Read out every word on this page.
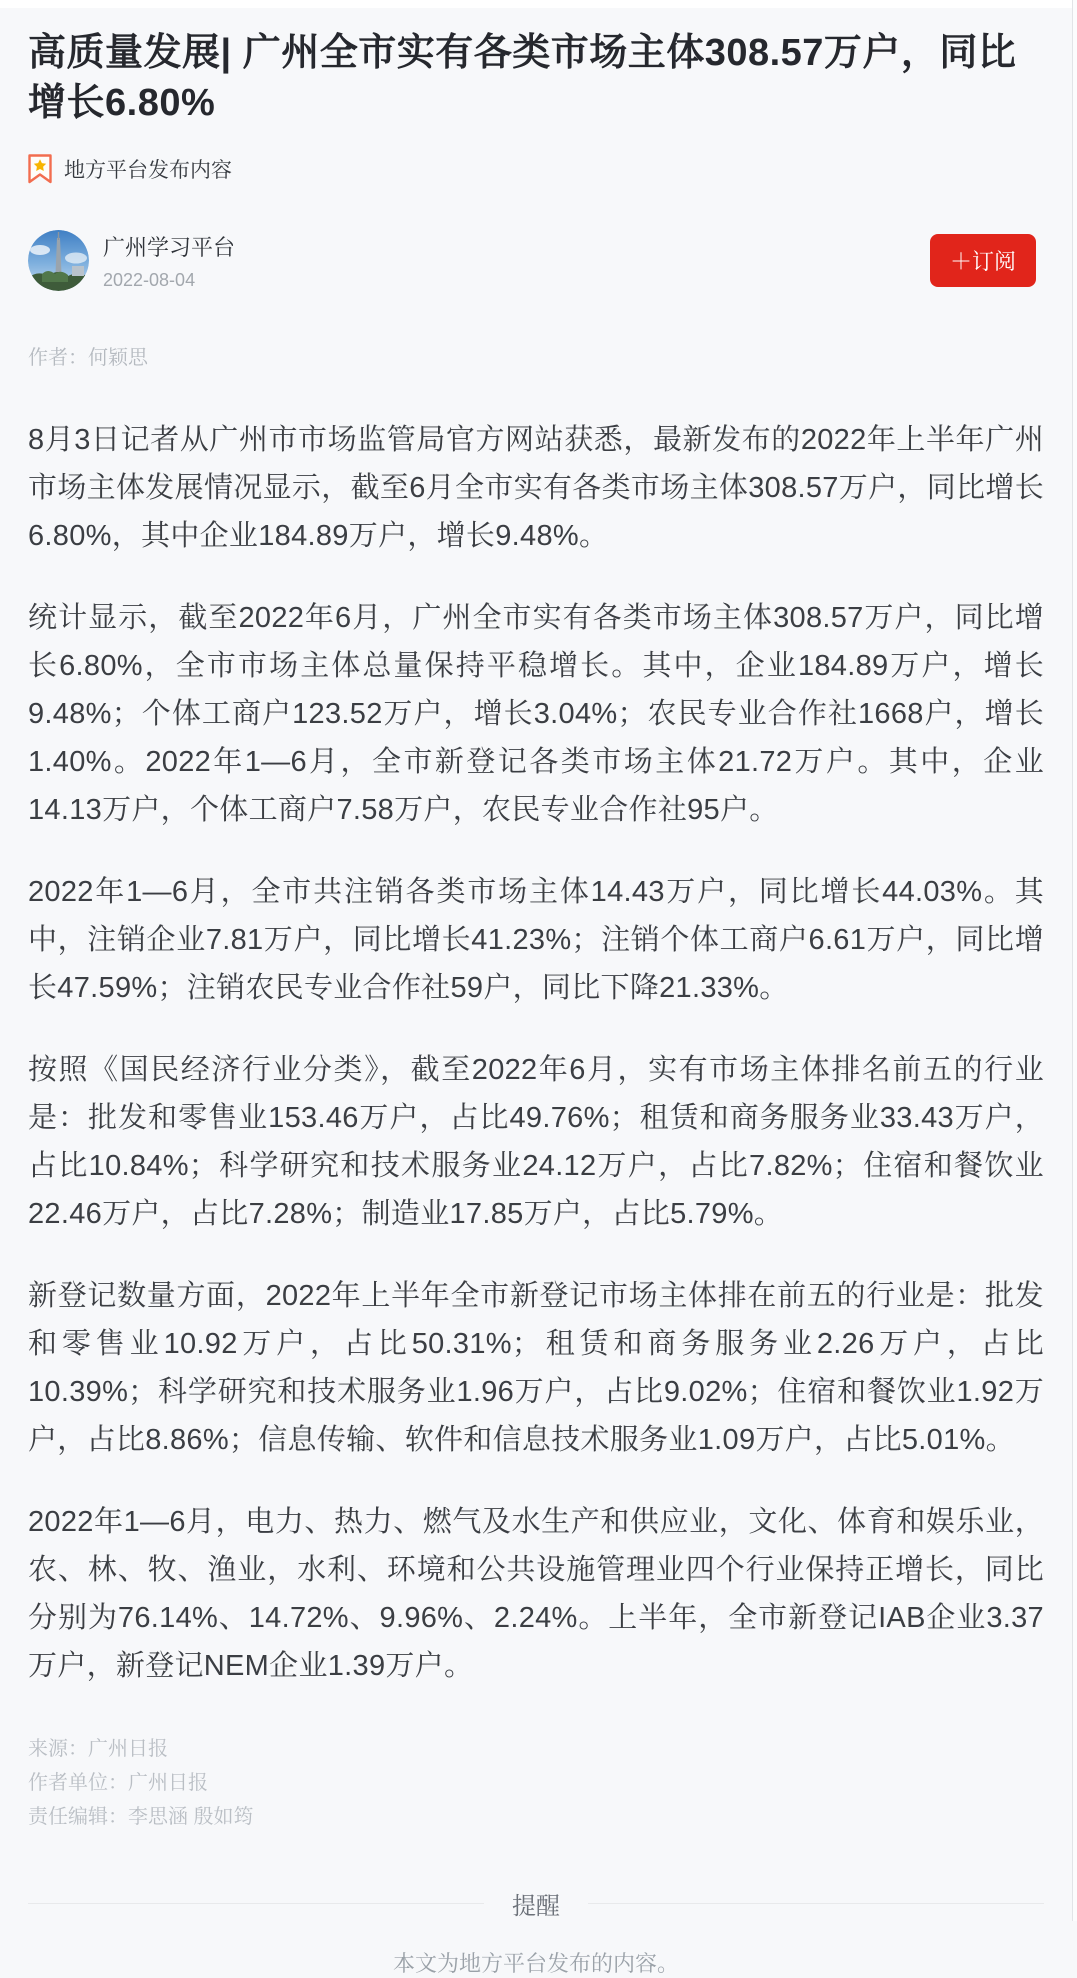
高质量发展| 广州全市实有各类市场主体308.57万户，同比增长6.80%
地方平台发布内容
广州学习平台
2022-08-04
＋订阅
作者：何颖思

8月3日记者从广州市市场监管局官方网站获悉，最新发布的2022年上半年广州市场主体发展情况显示，截至6月全市实有各类市场主体308.57万户，同比增长6.80%，其中企业184.89万户，增长9.48%。

统计显示，截至2022年6月，广州全市实有各类市场主体308.57万户，同比增长6.80%，全市市场主体总量保持平稳增长。其中，企业184.89万户，增长9.48%；个体工商户123.52万户，增长3.04%；农民专业合作社1668户，增长1.40%。2022年1—6月，全市新登记各类市场主体21.72万户。其中，企业14.13万户，个体工商户7.58万户，农民专业合作社95户。

2022年1—6月，全市共注销各类市场主体14.43万户，同比增长44.03%。其中，注销企业7.81万户，同比增长41.23%；注销个体工商户6.61万户，同比增长47.59%；注销农民专业合作社59户，同比下降21.33%。

按照《国民经济行业分类》，截至2022年6月，实有市场主体排名前五的行业是：批发和零售业153.46万户，占比49.76%；租赁和商务服务业33.43万户，占比10.84%；科学研究和技术服务业24.12万户，占比7.82%；住宿和餐饮业22.46万户，占比7.28%；制造业17.85万户，占比5.79%。

新登记数量方面，2022年上半年全市新登记市场主体排在前五的行业是：批发和零售业10.92万户，占比50.31%；租赁和商务服务业2.26万户，占比10.39%；科学研究和技术服务业1.96万户，占比9.02%；住宿和餐饮业1.92万户，占比8.86%；信息传输、软件和信息技术服务业1.09万户，占比5.01%。

2022年1—6月，电力、热力、燃气及水生产和供应业，文化、体育和娱乐业，农、林、牧、渔业，水利、环境和公共设施管理业四个行业保持正增长，同比分别为76.14%、14.72%、9.96%、2.24%。上半年，全市新登记IAB企业3.37万户，新登记NEM企业1.39万户。

来源：广州日报
作者单位：广州日报
责任编辑：李思涵 殷如筠
提醒
本文为地方平台发布的内容。
